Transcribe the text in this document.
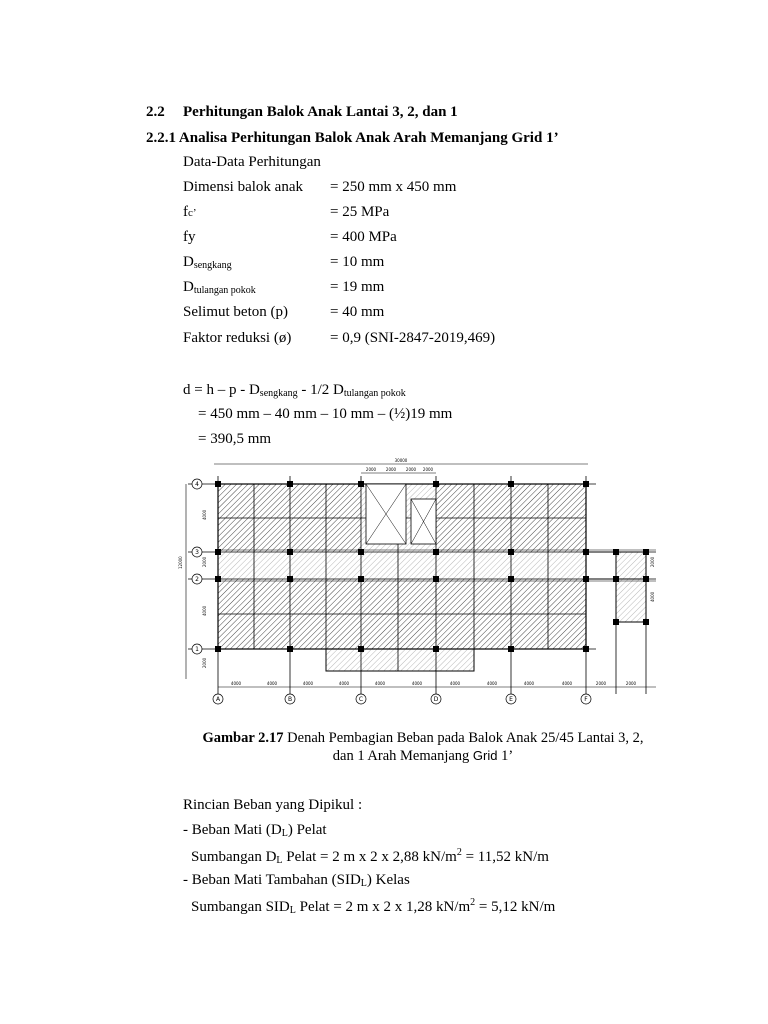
2.2 Perhitungan Balok Anak Lantai 3, 2, dan 1
2.2.1 Analisa Perhitungan Balok Anak Arah Memanjang Grid 1’
Data-Data Perhitungan
Dimensi balok anak = 250 mm x 450 mm
fc’	= 25 MPa
fy	= 400 MPa
$D_{sengkang}$	= 10 mm
$D_{tulangan pokok}$	= 19 mm
Selimut beton (p)	= 40 mm
Faktor reduksi (ø)	= 0,9 (SNI-2847-2019,469)
$d = h - p - D_{sengkang} - 1/2$ $D_{tulangan pokok}$
= 450 mm – 40 mm – 10 mm – (½)19 mm
= 390,5 mm
30000
2000 2000 2000 2000
12000
4000	4000	4000	4000	4000	4000	4000	4000	4000	4000	2000	2000
A	B	C	D	E	F
4
3
2
1
4000
2000
4000
2000
2000
4000
Gambar 2.17 Denah Pembagian Beban pada Balok Anak 25/45 Lantai 3, 2,
dan 1 Arah Memanjang Grid 1’
Rincian Beban yang Dipikul :
- Beban Mati $(D_L)$ Pelat
Sumbangan $D_L$ Pelat = 2 m x 2 x 2,88 $kN/m^2 = 11,52$ kN/m
- Beban Mati Tambahan $(SID_L)$ Kelas
Sumbangan $SID_L$ Pelat = 2 m x 2 x 1,28 $kN/m^2 = 5,12$ kN/m
